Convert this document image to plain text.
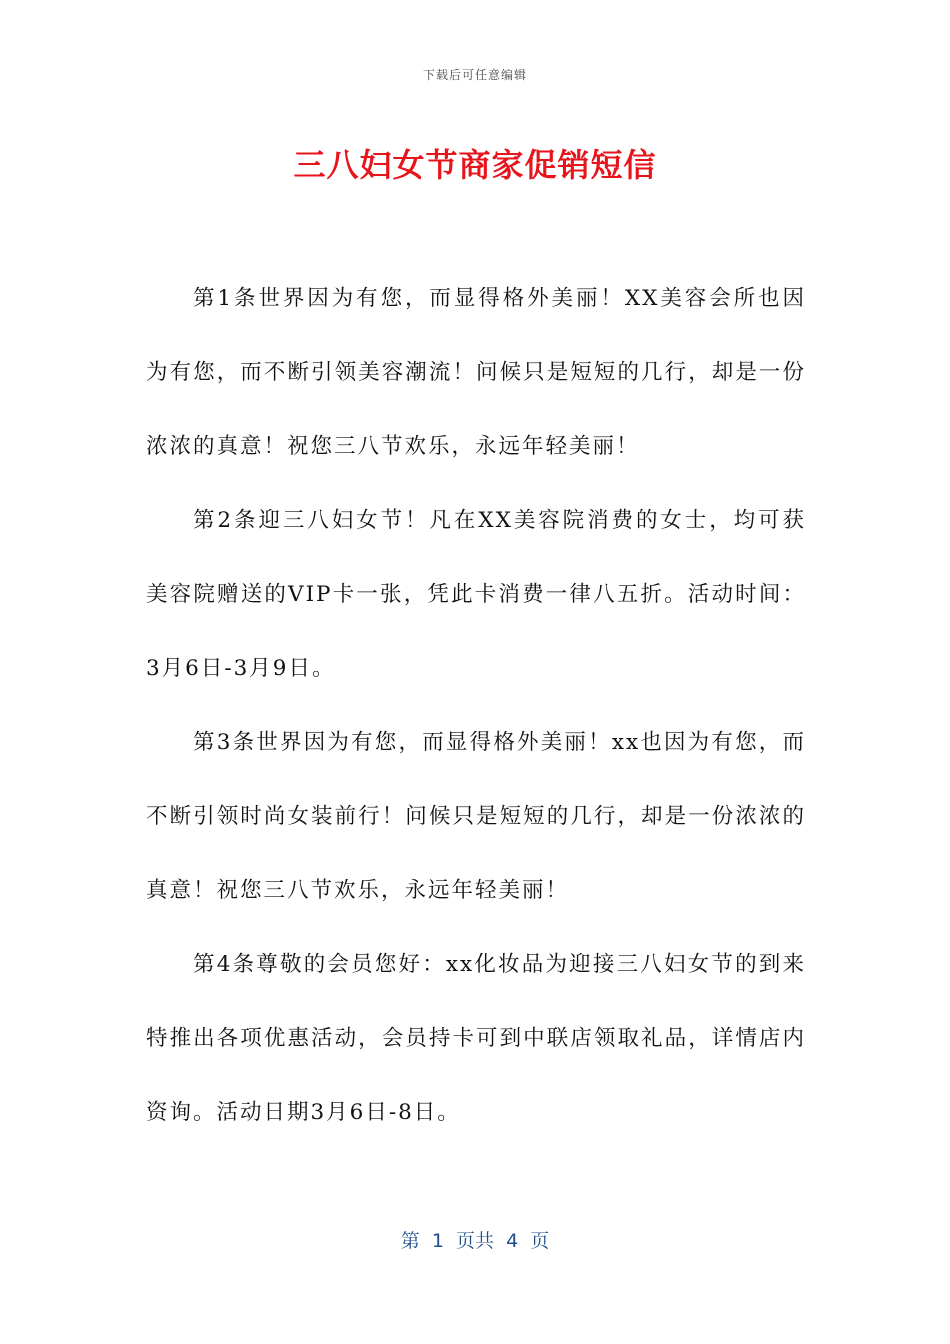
下载后可任意编辑
三八妇女节商家促销短信

第1条世界因为有您，而显得格外美丽！XX美容会所也因为有您，而不断引领美容潮流！问候只是短短的几行，却是一份浓浓的真意！祝您三八节欢乐，永远年轻美丽！

第2条迎三八妇女节！凡在XX美容院消费的女士，均可获美容院赠送的VIP卡一张，凭此卡消费一律八五折。活动时间：3月6日-3月9日。

第3条世界因为有您，而显得格外美丽！xx也因为有您，而不断引领时尚女装前行！问候只是短短的几行，却是一份浓浓的真意！祝您三八节欢乐，永远年轻美丽！

第4条尊敬的会员您好：xx化妆品为迎接三八妇女节的到来特推出各项优惠活动，会员持卡可到中联店领取礼品，详情店内资询。活动日期3月6日-8日。

第  1  页共  4  页
